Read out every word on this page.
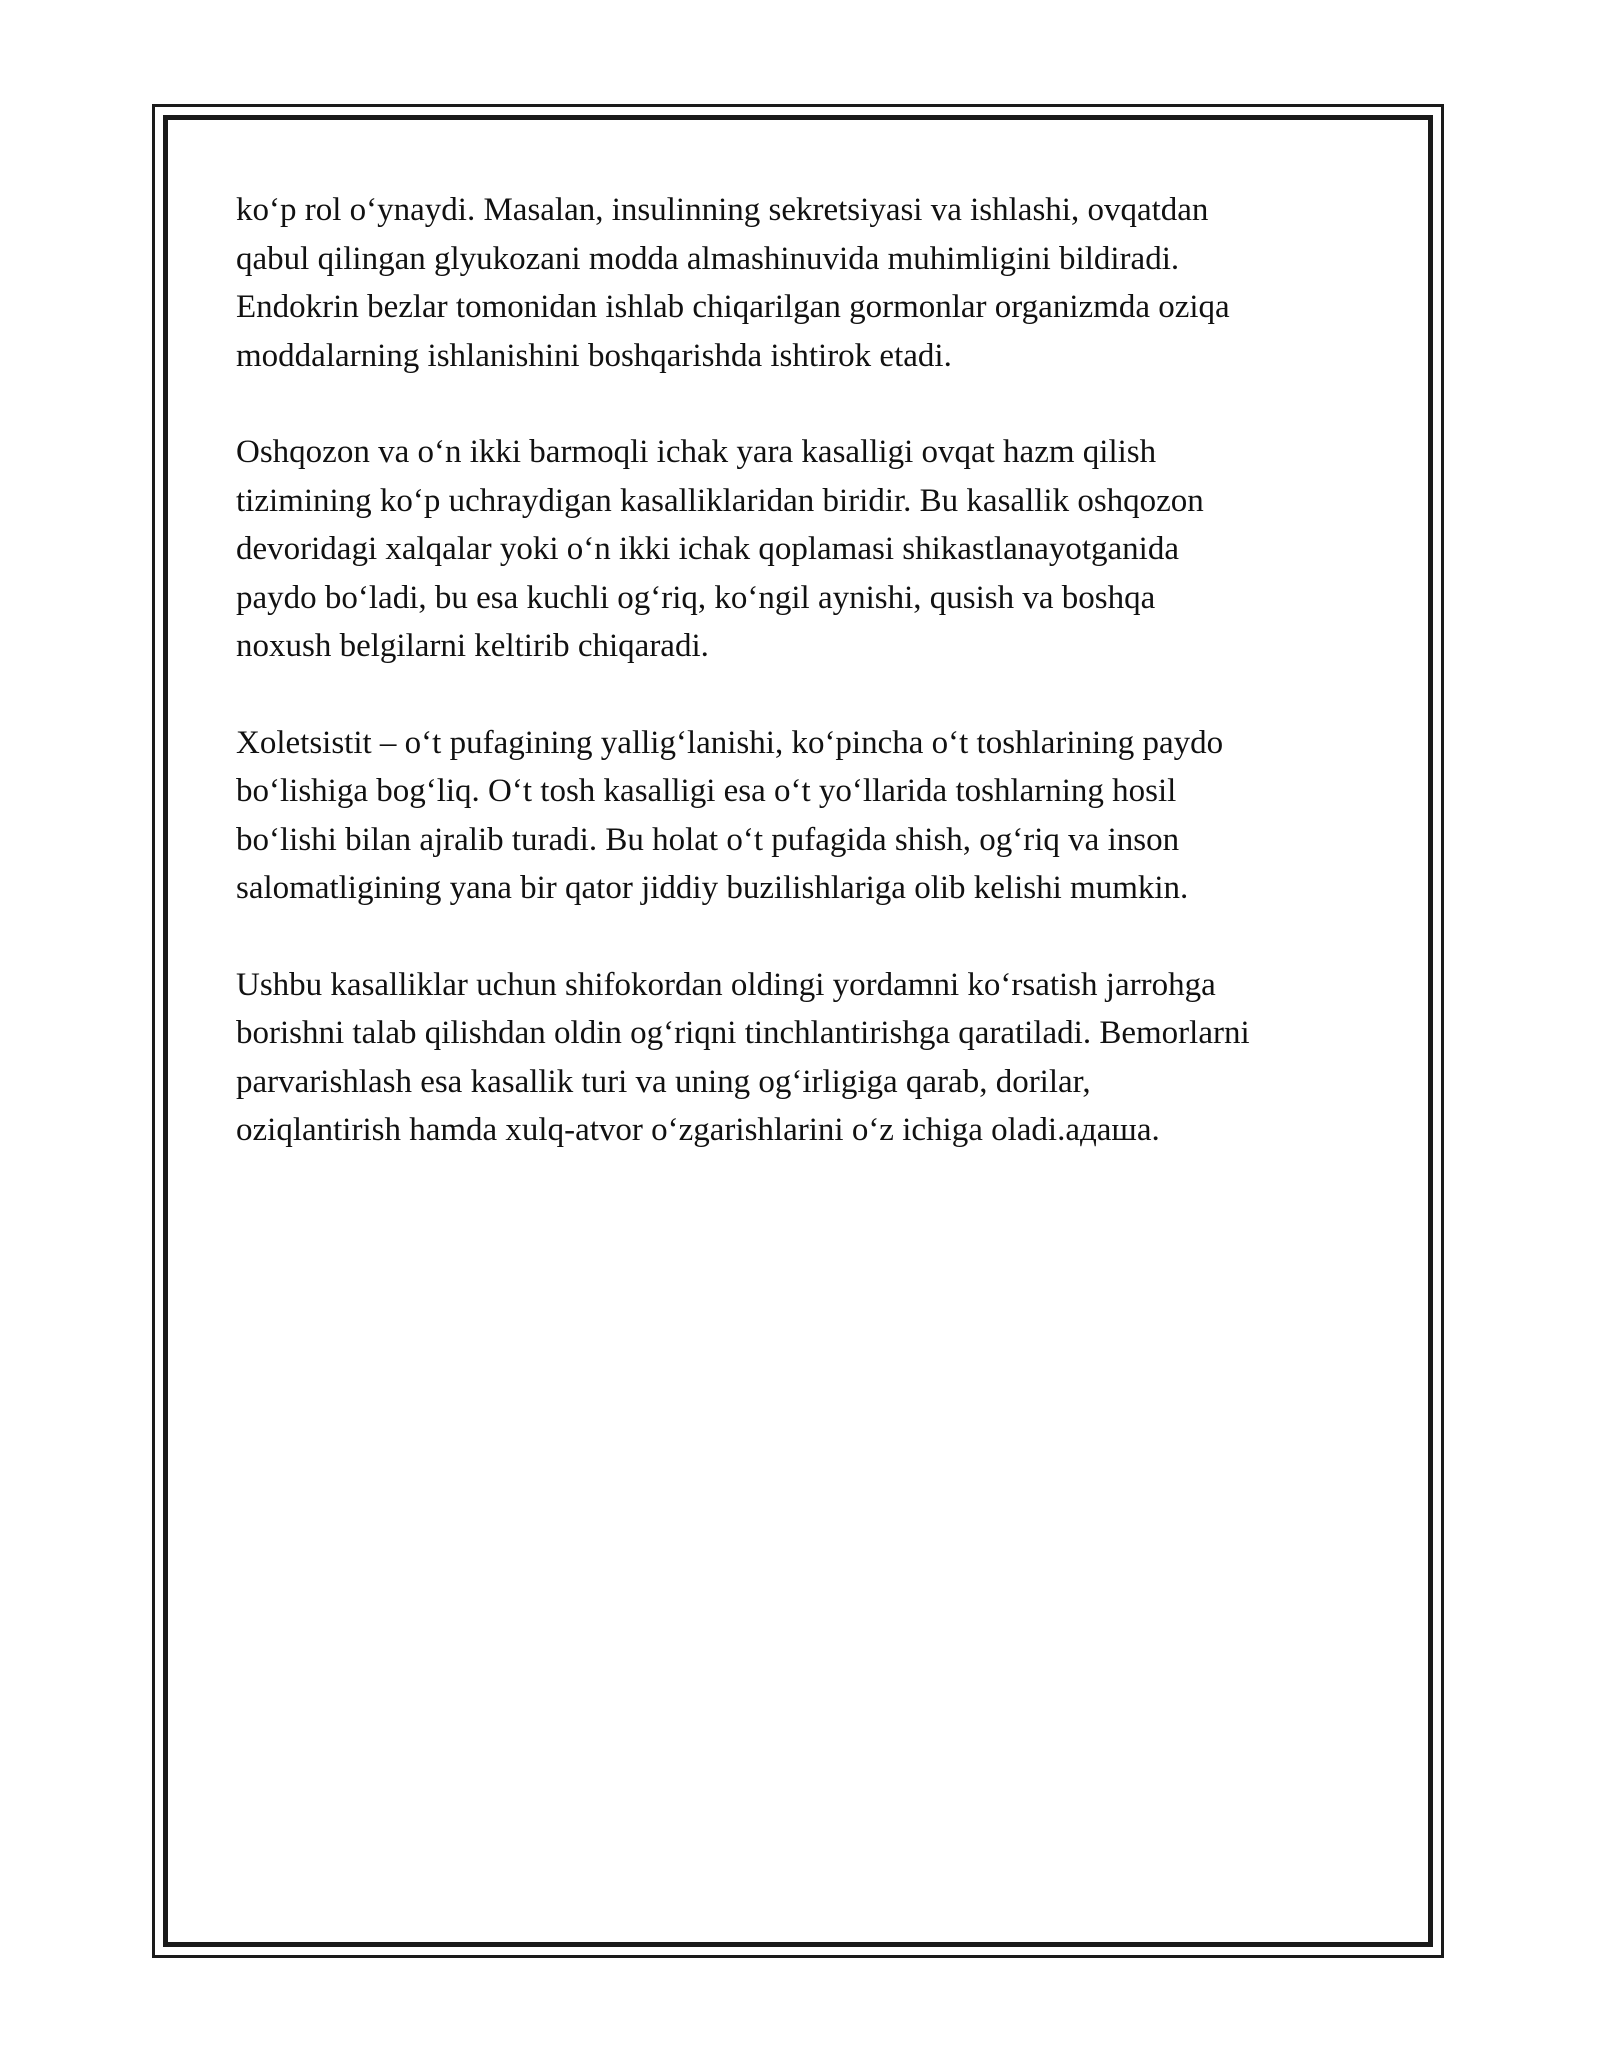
ko‘p rol o‘ynaydi. Masalan, insulinning sekretsiyasi va ishlashi, ovqatdan
qabul qilingan glyukozani modda almashinuvida muhimligini bildiradi.
Endokrin bezlar tomonidan ishlab chiqarilgan gormonlar organizmda oziqa
moddalarning ishlanishini boshqarishda ishtirok etadi.

Oshqozon va o‘n ikki barmoqli ichak yara kasalligi ovqat hazm qilish
tizimining ko‘p uchraydigan kasalliklaridan biridir. Bu kasallik oshqozon
devoridagi xalqalar yoki o‘n ikki ichak qoplamasi shikastlanayotganida
paydo bo‘ladi, bu esa kuchli og‘riq, ko‘ngil aynishi, qusish va boshqa
noxush belgilarni keltirib chiqaradi.

Xoletsistit – o‘t pufagining yallig‘lanishi, ko‘pincha o‘t toshlarining paydo
bo‘lishiga bog‘liq. O‘t tosh kasalligi esa o‘t yo‘llarida toshlarning hosil
bo‘lishi bilan ajralib turadi. Bu holat o‘t pufagida shish, og‘riq va inson
salomatligining yana bir qator jiddiy buzilishlariga olib kelishi mumkin.

Ushbu kasalliklar uchun shifokordan oldingi yordamni ko‘rsatish jarrohga
borishni talab qilishdan oldin og‘riqni tinchlantirishga qaratiladi. Bemorlarni
parvarishlash esa kasallik turi va uning og‘irligiga qarab, dorilar,
oziqlantirish hamda xulq-atvor o‘zgarishlarini o‘z ichiga oladi.адаша.
